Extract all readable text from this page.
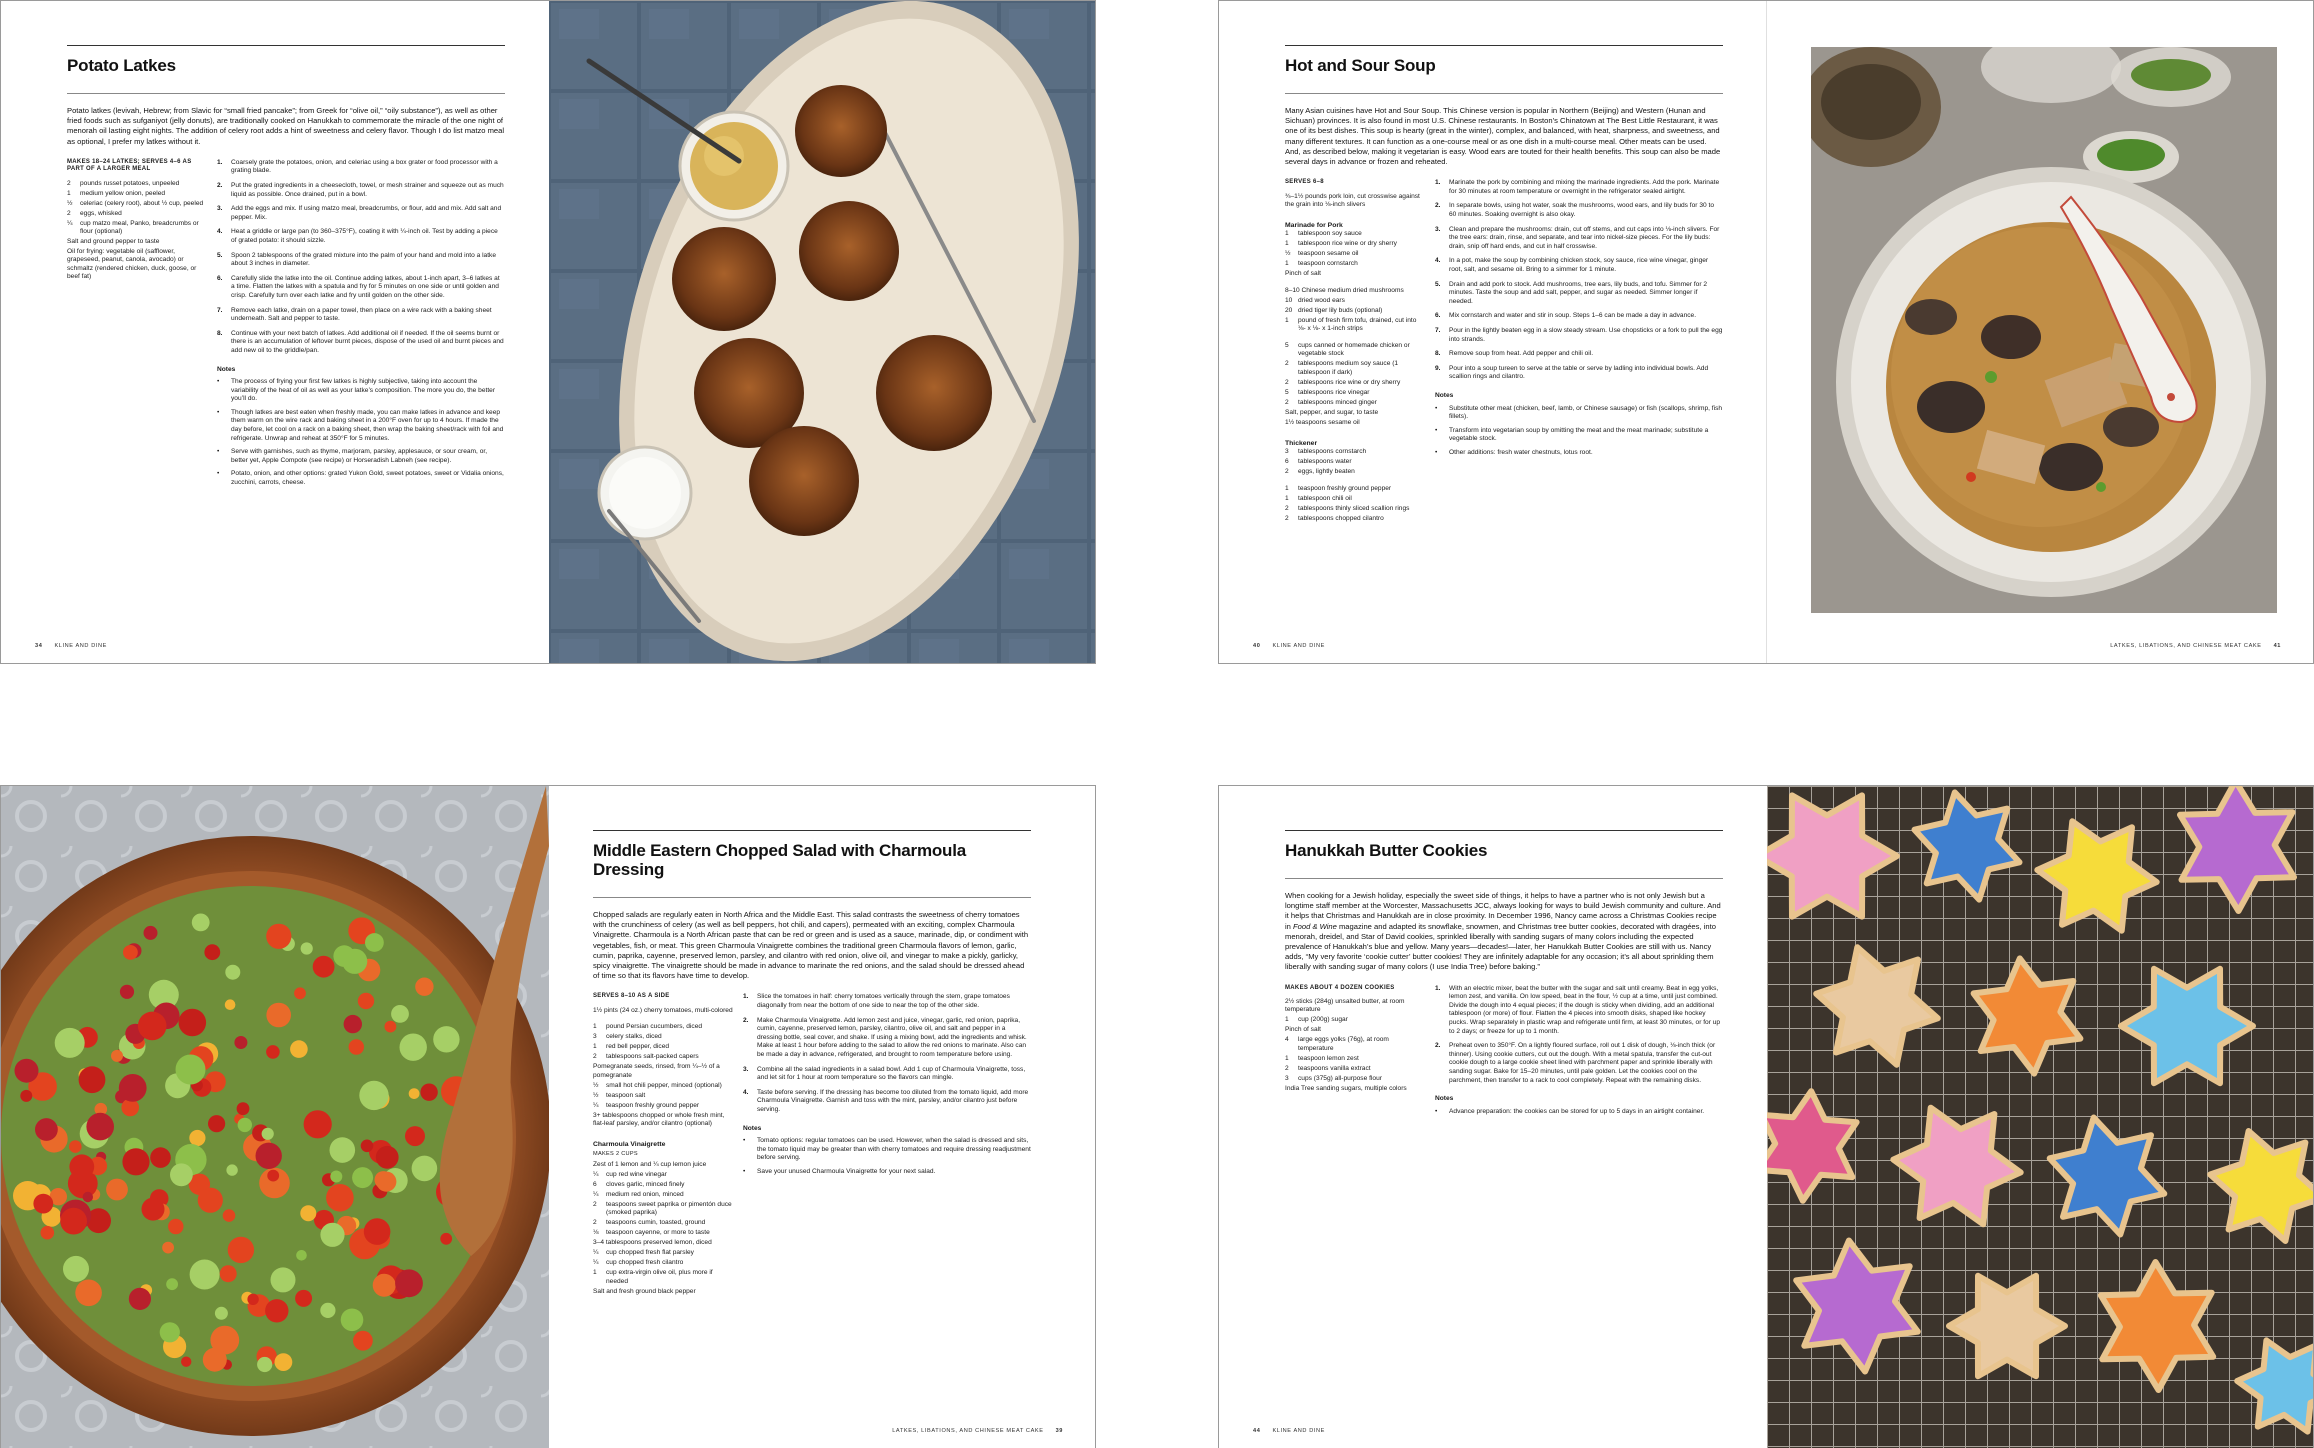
Potato Latkes

Potato latkes (levivah, Hebrew; from Slavic for “small fried pancake”; from Greek for “olive oil,” “oily substance”), as well as other fried foods such as sufganiyot (jelly donuts), are traditionally cooked on Hanukkah to commemorate the miracle of the one night of menorah oil lasting eight nights. The addition of celery root adds a hint of sweetness and celery flavor. Though I do list matzo meal as optional, I prefer my latkes without it.

MAKES 18–24 LATKES; SERVES 4–6 AS PART OF A LARGER MEAL
2	pounds russet potatoes, unpeeled
1	medium yellow onion, peeled
½	celeriac (celery root), about ½ cup, peeled
2	eggs, whisked
¼	cup matzo meal, Panko, breadcrumbs or flour (optional)
Salt and ground pepper to taste
Oil for frying: vegetable oil (safflower, grapeseed, peanut, canola, avocado) or schmaltz (rendered chicken, duck, goose, or beef fat)
1.	Coarsely grate the potatoes, onion, and celeriac using a box grater or food processor with a grating blade.
2.	Put the grated ingredients in a cheesecloth, towel, or mesh strainer and squeeze out as much liquid as possible. Once drained, put in a bowl.
3.	Add the eggs and mix. If using matzo meal, breadcrumbs, or flour, add and mix. Add salt and pepper. Mix.
4.	Heat a griddle or large pan (to 360–375°F), coating it with ¼-inch oil. Test by adding a piece of grated potato: it should sizzle.
5.	Spoon 2 tablespoons of the grated mixture into the palm of your hand and mold into a latke about 3 inches in diameter.
6.	Carefully slide the latke into the oil. Continue adding latkes, about 1-inch apart, 3–6 latkes at a time. Flatten the latkes with a spatula and fry for 5 minutes on one side or until golden and crisp. Carefully turn over each latke and fry until golden on the other side.
7.	Remove each latke, drain on a paper towel, then place on a wire rack with a baking sheet underneath. Salt and pepper to taste.
8.	Continue with your next batch of latkes. Add additional oil if needed. If the oil seems burnt or there is an accumulation of leftover burnt pieces, dispose of the used oil and burnt pieces and add new oil to the griddle/pan.
Notes
•	The process of frying your first few latkes is highly subjective, taking into account the variability of the heat of oil as well as your latke’s composition. The more you do, the better you’ll do.
•	Though latkes are best eaten when freshly made, you can make latkes in advance and keep them warm on the wire rack and baking sheet in a 200°F oven for up to 4 hours. If made the day before, let cool on a rack on a baking sheet, then wrap the baking sheet/rack with foil and refrigerate. Unwrap and reheat at 350°F for 5 minutes.
•	Serve with garnishes, such as thyme, marjoram, parsley, applesauce, or sour cream, or, better yet, Apple Compote (see recipe) or Horseradish Labneh (see recipe).
•	Potato, onion, and other options: grated Yukon Gold, sweet potatoes, sweet or Vidalia onions, zucchini, carrots, cheese.
34 KLINE AND DINE
Hot and Sour Soup

Many Asian cuisines have Hot and Sour Soup. This Chinese version is popular in Northern (Beijing) and Western (Hunan and Sichuan) provinces. It is also found in most U.S. Chinese restaurants. In Boston’s Chinatown at The Best Little Restaurant, it was one of its best dishes. This soup is hearty (great in the winter), complex, and balanced, with heat, sharpness, and sweetness, and many different textures. It can function as a one-course meal or as one dish in a multi-course meal. Other meats can be used. And, as described below, making it vegetarian is easy. Wood ears are touted for their health benefits. This soup can also be made several days in advance or frozen and reheated.

SERVES 6–8
¾–1½ pounds pork loin, cut crosswise against the grain into ⅛-inch slivers
Marinade for Pork
1	tablespoon soy sauce
1	tablespoon rice wine or dry sherry
½	teaspoon sesame oil
1	teaspoon cornstarch
Pinch of salt
8–10 Chinese medium dried mushrooms
10 dried wood ears
20 dried tiger lily buds (optional)
1	pound of fresh firm tofu, drained, cut into ⅛- x ⅛- x 1-inch strips
5	cups canned or homemade chicken or vegetable stock
2	tablespoons medium soy sauce (1 tablespoon if dark)
2	tablespoons rice wine or dry sherry
5	tablespoons rice vinegar
2	tablespoons minced ginger
Salt, pepper, and sugar, to taste
1½ teaspoons sesame oil
Thickener
3	tablespoons cornstarch
6	tablespoons water
2	eggs, lightly beaten
1	teaspoon freshly ground pepper
1	tablespoon chili oil
2	tablespoons thinly sliced scallion rings
2	tablespoons chopped cilantro
1.	Marinate the pork by combining and mixing the marinade ingredients. Add the pork. Marinate for 30 minutes at room temperature or overnight in the refrigerator sealed airtight.
2.	In separate bowls, using hot water, soak the mushrooms, wood ears, and lily buds for 30 to 60 minutes. Soaking overnight is also okay.
3.	Clean and prepare the mushrooms: drain, cut off stems, and cut caps into ⅛-inch slivers. For the tree ears: drain, rinse, and separate, and tear into nickel-size pieces. For the lily buds: drain, snip off hard ends, and cut in half crosswise.
4.	In a pot, make the soup by combining chicken stock, soy sauce, rice wine vinegar, ginger root, salt, and sesame oil. Bring to a simmer for 1 minute.
5.	Drain and add pork to stock. Add mushrooms, tree ears, lily buds, and tofu. Simmer for 2 minutes. Taste the soup and add salt, pepper, and sugar as needed. Simmer longer if needed.
6.	Mix cornstarch and water and stir in soup. Steps 1–6 can be made a day in advance.
7.	Pour in the lightly beaten egg in a slow steady stream. Use chopsticks or a fork to pull the egg into strands.
8.	Remove soup from heat. Add pepper and chili oil.
9.	Pour into a soup tureen to serve at the table or serve by ladling into individual bowls. Add scallion rings and cilantro.
Notes
•	Substitute other meat (chicken, beef, lamb, or Chinese sausage) or fish (scallops, shrimp, fish fillets).
•	Transform into vegetarian soup by omitting the meat and the meat marinade; substitute a vegetable stock.
•	Other additions: fresh water chestnuts, lotus root.
40 KLINE AND DINE	LATKES, LIBATIONS, AND CHINESE MEAT CAKE 41
Middle Eastern Chopped Salad with Charmoula Dressing

Chopped salads are regularly eaten in North Africa and the Middle East. This salad contrasts the sweetness of cherry tomatoes with the crunchiness of celery (as well as bell peppers, hot chili, and capers), permeated with an exciting, complex Charmoula Vinaigrette. Charmoula is a North African paste that can be red or green and is used as a sauce, marinade, dip, or condiment with vegetables, fish, or meat. This green Charmoula Vinaigrette combines the traditional green Charmoula flavors of lemon, garlic, cumin, paprika, cayenne, preserved lemon, parsley, and cilantro with red onion, olive oil, and vinegar to make a pickly, garlicky, spicy vinaigrette. The vinaigrette should be made in advance to marinate the red onions, and the salad should be dressed ahead of time so that its flavors have time to develop.

SERVES 8–10 AS A SIDE
1½ pints (24 oz.) cherry tomatoes, multi-colored
1	pound Persian cucumbers, diced
3	celery stalks, diced
1	red bell pepper, diced
2	tablespoons salt-packed capers
Pomegranate seeds, rinsed, from ¼–½ of a pomegranate
½	small hot chili pepper, minced (optional)
½	teaspoon salt
¼	teaspoon freshly ground pepper
3+ tablespoons chopped or whole fresh mint, flat-leaf parsley, and/or cilantro (optional)
Charmoula Vinaigrette
MAKES 2 CUPS
Zest of 1 lemon and ¼ cup lemon juice
¼	cup red wine vinegar
6	cloves garlic, minced finely
¼	medium red onion, minced
2	teaspoons sweet paprika or pimentón duce (smoked paprika)
2	teaspoons cumin, toasted, ground
⅛	teaspoon cayenne, or more to taste
3–4 tablespoons preserved lemon, diced
¼	cup chopped fresh flat parsley
¼	cup chopped fresh cilantro
1	cup extra-virgin olive oil, plus more if needed
Salt and fresh ground black pepper
1.	Slice the tomatoes in half: cherry tomatoes vertically through the stem, grape tomatoes diagonally from near the bottom of one side to near the top of the other side.
2.	Make Charmoula Vinaigrette. Add lemon zest and juice, vinegar, garlic, red onion, paprika, cumin, cayenne, preserved lemon, parsley, cilantro, olive oil, and salt and pepper in a dressing bottle, seal cover, and shake. If using a mixing bowl, add the ingredients and whisk. Make at least 1 hour before adding to the salad to allow the red onions to marinate. Also can be made a day in advance, refrigerated, and brought to room temperature before using.
3.	Combine all the salad ingredients in a salad bowl. Add 1 cup of Charmoula Vinaigrette, toss, and let sit for 1 hour at room temperature so the flavors can mingle.
4.	Taste before serving. If the dressing has become too diluted from the tomato liquid, add more Charmoula Vinaigrette. Garnish and toss with the mint, parsley, and/or cilantro just before serving.
Notes
•	Tomato options: regular tomatoes can be used. However, when the salad is dressed and sits, the tomato liquid may be greater than with cherry tomatoes and require dressing readjustment before serving.
•	Save your unused Charmoula Vinaigrette for your next salad.
LATKES, LIBATIONS, AND CHINESE MEAT CAKE 39
Hanukkah Butter Cookies

When cooking for a Jewish holiday, especially the sweet side of things, it helps to have a partner who is not only Jewish but a longtime staff member at the Worcester, Massachusetts JCC, always looking for ways to build Jewish community and culture. And it helps that Christmas and Hanukkah are in close proximity. In December 1996, Nancy came across a Christmas Cookies recipe in Food & Wine magazine and adapted its snowflake, snowmen, and Christmas tree butter cookies, decorated with dragées, into menorah, dreidel, and Star of David cookies, sprinkled liberally with sanding sugars of many colors including the expected prevalence of Hanukkah’s blue and yellow. Many years—decades!—later, her Hanukkah Butter Cookies are still with us. Nancy adds, “My very favorite ‘cookie cutter’ butter cookies! They are infinitely adaptable for any occasion; it’s all about sprinkling them liberally with sanding sugar of many colors (I use India Tree) before baking.”

MAKES ABOUT 4 DOZEN COOKIES
2½ sticks (284g) unsalted butter, at room temperature
1	cup (200g) sugar
Pinch of salt
4	large eggs yolks (76g), at room temperature
1	teaspoon lemon zest
2	teaspoons vanilla extract
3	cups (375g) all-purpose flour
India Tree sanding sugars, multiple colors
1.	With an electric mixer, beat the butter with the sugar and salt until creamy. Beat in egg yolks, lemon zest, and vanilla. On low speed, beat in the flour, ½ cup at a time, until just combined. Divide the dough into 4 equal pieces; if the dough is sticky when dividing, add an additional tablespoon (or more) of flour. Flatten the 4 pieces into smooth disks, shaped like hockey pucks. Wrap separately in plastic wrap and refrigerate until firm, at least 30 minutes, or for up to 2 days; or freeze for up to 1 month.
2.	Preheat oven to 350°F. On a lightly floured surface, roll out 1 disk of dough, ⅛-inch thick (or thinner). Using cookie cutters, cut out the dough. With a metal spatula, transfer the cut-out cookie dough to a large cookie sheet lined with parchment paper and sprinkle liberally with sanding sugar. Bake for 15–20 minutes, until pale golden. Let the cookies cool on the parchment, then transfer to a rack to cool completely. Repeat with the remaining disks.
Notes
•	Advance preparation: the cookies can be stored for up to 5 days in an airtight container.
44 KLINE AND DINE
